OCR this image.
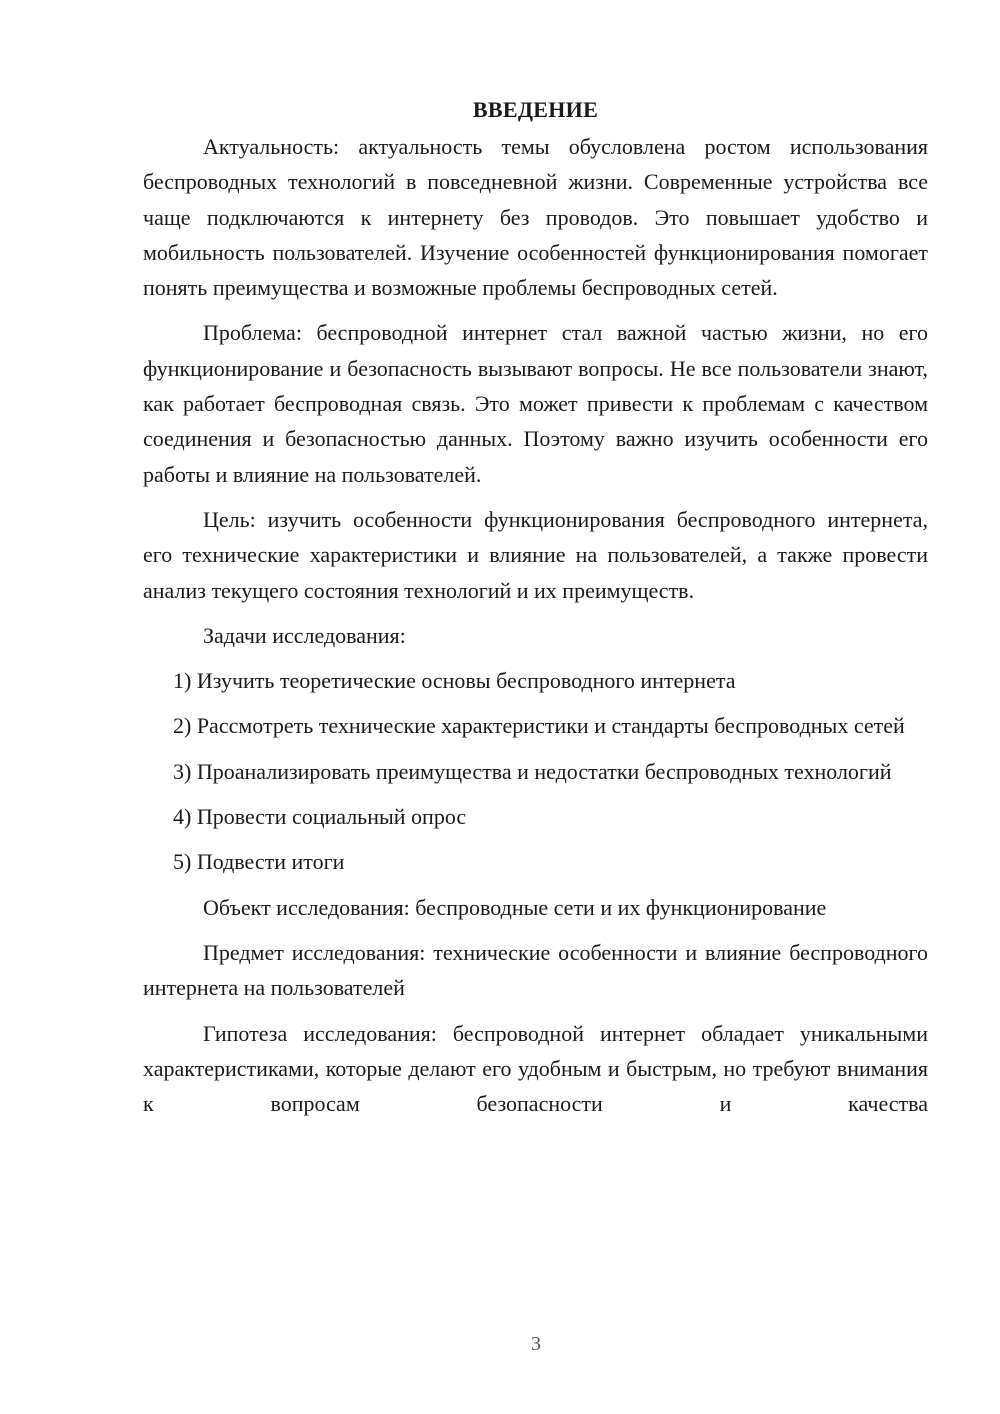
ВВЕДЕНИЕ

Актуальность: актуальность темы обусловлена ростом использования беспроводных технологий в повседневной жизни. Современные устройства все чаще подключаются к интернету без проводов. Это повышает удобство и мобильность пользователей. Изучение особенностей функционирования помогает понять преимущества и возможные проблемы беспроводных сетей.

Проблема: беспроводной интернет стал важной частью жизни, но его функционирование и безопасность вызывают вопросы. Не все пользователи знают, как работает беспроводная связь. Это может привести к проблемам с качеством соединения и безопасностью данных. Поэтому важно изучить особенности его работы и влияние на пользователей.

Цель: изучить особенности функционирования беспроводного интернета, его технические характеристики и влияние на пользователей, а также провести анализ текущего состояния технологий и их преимуществ.

Задачи исследования:

1) Изучить теоретические основы беспроводного интернета

2) Рассмотреть технические характеристики и стандарты беспроводных сетей

3) Проанализировать преимущества и недостатки беспроводных технологий

4) Провести социальный опрос

5) Подвести итоги

Объект исследования: беспроводные сети и их функционирование

Предмет исследования: технические особенности и влияние беспроводного интернета на пользователей

Гипотеза исследования: беспроводной интернет обладает уникальными характеристиками, которые делают его удобным и быстрым, но требуют внимания к вопросам безопасности и качества

3
